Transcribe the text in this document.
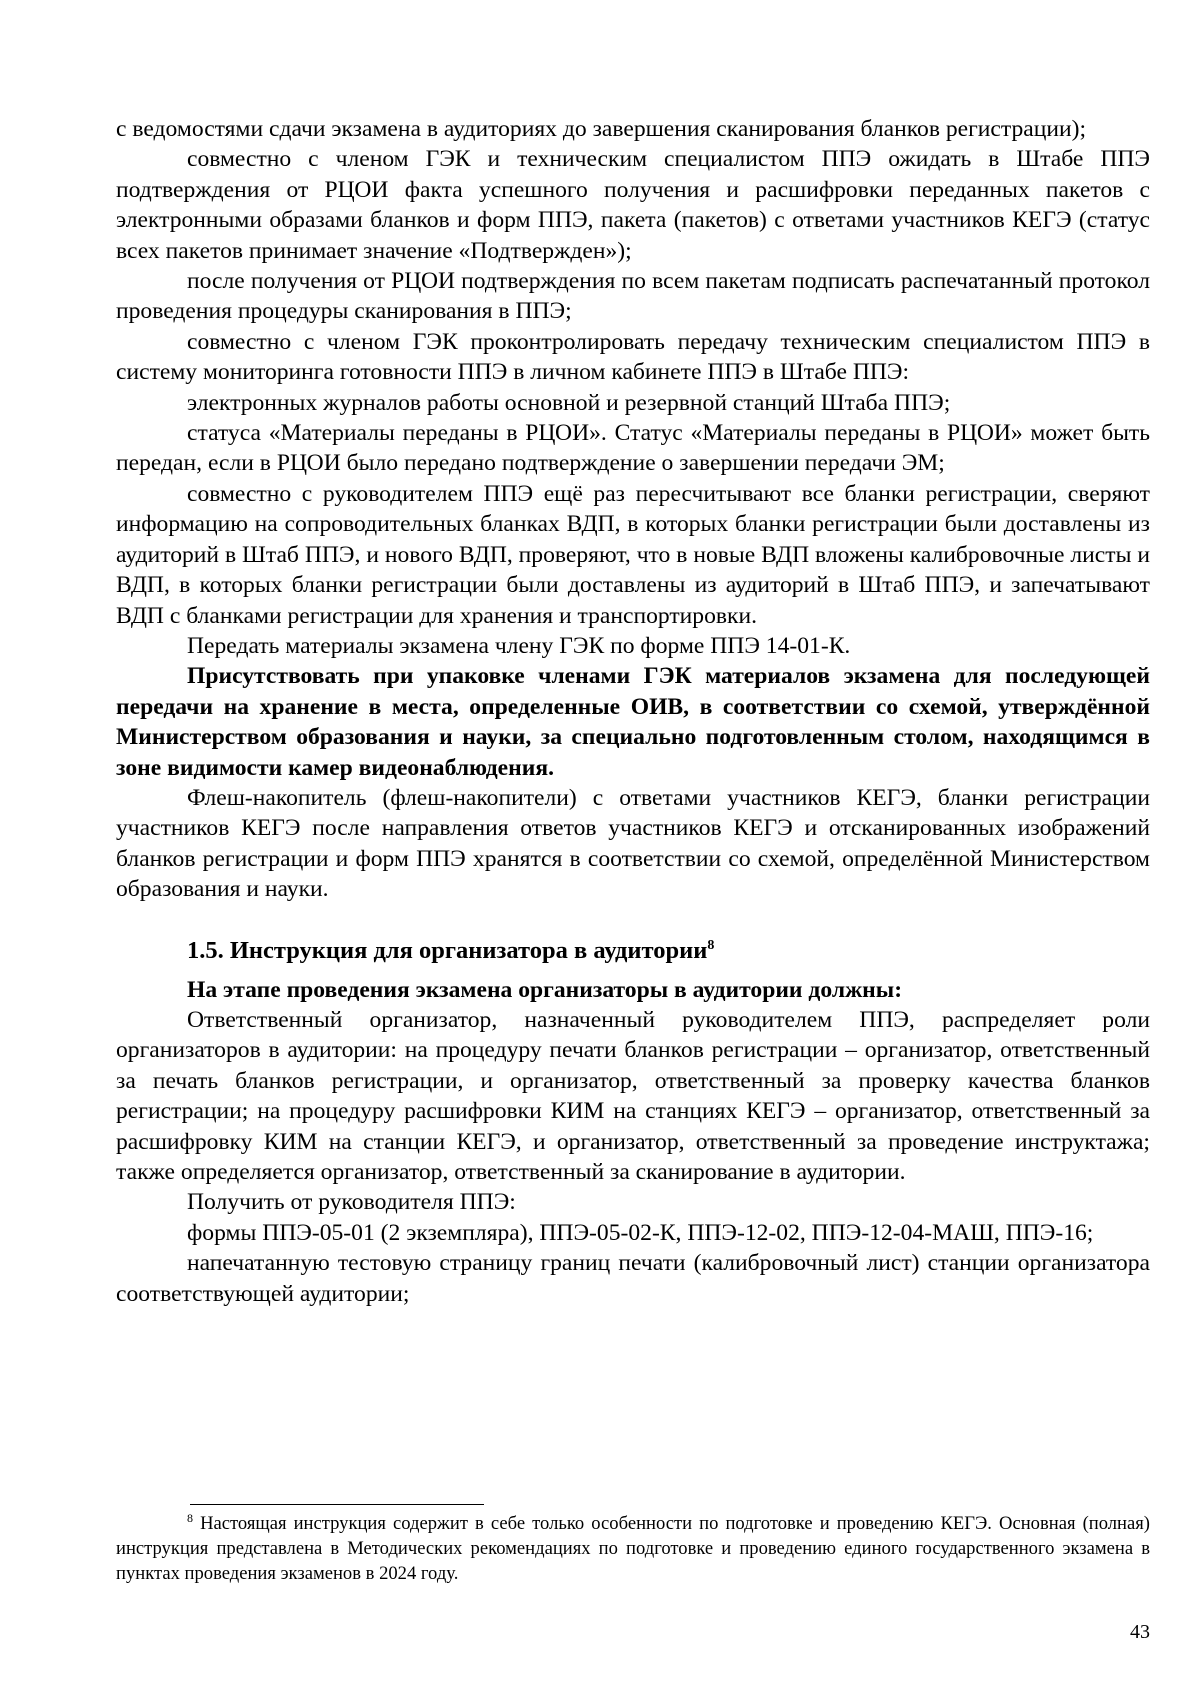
с ведомостями сдачи экзамена в аудиториях до завершения сканирования бланков регистрации);

совместно с членом ГЭК и техническим специалистом ППЭ ожидать в Штабе ППЭ подтверждения от РЦОИ факта успешного получения и расшифровки переданных пакетов с электронными образами бланков и форм ППЭ, пакета (пакетов) с ответами участников КЕГЭ (статус всех пакетов принимает значение «Подтвержден»);

после получения от РЦОИ подтверждения по всем пакетам подписать распечатанный протокол проведения процедуры сканирования в ППЭ;

совместно с членом ГЭК проконтролировать передачу техническим специалистом ППЭ в систему мониторинга готовности ППЭ в личном кабинете ППЭ в Штабе ППЭ:

электронных журналов работы основной и резервной станций Штаба ППЭ;

статуса «Материалы переданы в РЦОИ». Статус «Материалы переданы в РЦОИ» может быть передан, если в РЦОИ было передано подтверждение о завершении передачи ЭМ;

совместно с руководителем ППЭ ещё раз пересчитывают все бланки регистрации, сверяют информацию на сопроводительных бланках ВДП, в которых бланки регистрации были доставлены из аудиторий в Штаб ППЭ, и нового ВДП, проверяют, что в новые ВДП вложены калибровочные листы и ВДП, в которых бланки регистрации были доставлены из аудиторий в Штаб ППЭ, и запечатывают ВДП с бланками регистрации для хранения и транспортировки.

Передать материалы экзамена члену ГЭК по форме ППЭ 14-01-К.

Присутствовать при упаковке членами ГЭК материалов экзамена для последующей передачи на хранение в места, определенные ОИВ, в соответствии со схемой, утверждённой Министерством образования и науки, за специально подготовленным столом, находящимся в зоне видимости камер видеонаблюдения.

Флеш-накопитель (флеш-накопители) с ответами участников КЕГЭ, бланки регистрации участников КЕГЭ после направления ответов участников КЕГЭ и отсканированных изображений бланков регистрации и форм ППЭ хранятся в соответствии со схемой, определённой Министерством образования и науки.

1.5. Инструкция для организатора в аудитории$^8$

На этапе проведения экзамена организаторы в аудитории должны:

Ответственный организатор, назначенный руководителем ППЭ, распределяет роли организаторов в аудитории: на процедуру печати бланков регистрации – организатор, ответственный за печать бланков регистрации, и организатор, ответственный за проверку качества бланков регистрации; на процедуру расшифровки КИМ на станциях КЕГЭ – организатор, ответственный за расшифровку КИМ на станции КЕГЭ, и организатор, ответственный за проведение инструктажа; также определяется организатор, ответственный за сканирование в аудитории.

Получить от руководителя ППЭ:

формы ППЭ-05-01 (2 экземпляра), ППЭ-05-02-К, ППЭ-12-02, ППЭ-12-04-МАШ, ППЭ-16;

напечатанную тестовую страницу границ печати (калибровочный лист) станции организатора соответствующей аудитории;

$^8$ Настоящая инструкция содержит в себе только особенности по подготовке и проведению КЕГЭ. Основная (полная) инструкция представлена в Методических рекомендациях по подготовке и проведению единого государственного экзамена в пунктах проведения экзаменов в 2024 году.

43
